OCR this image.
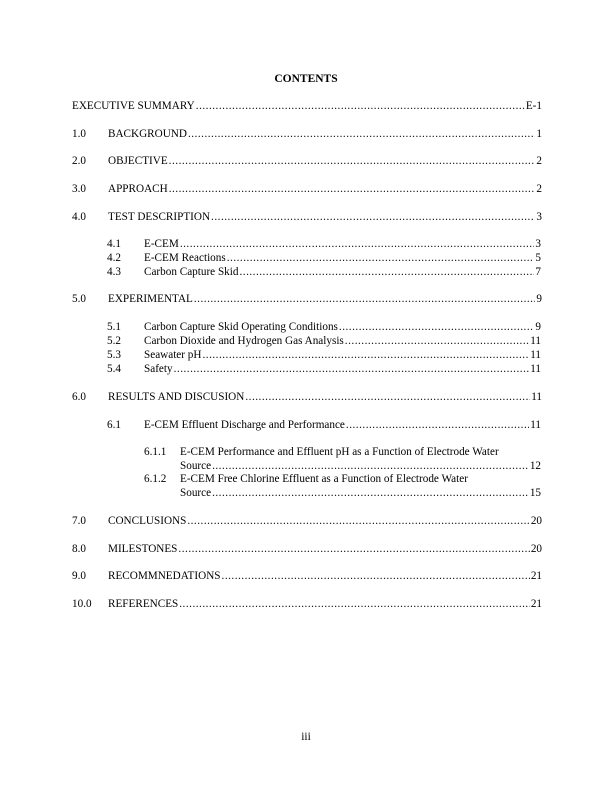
CONTENTS
EXECUTIVE SUMMARY .....	E-1
1.0	BACKGROUND .....	1
2.0	OBJECTIVE .....	2
3.0	APPROACH .....	2
4.0	TEST DESCRIPTION .....	3
4.1	E-CEM .....	3
4.2	E-CEM Reactions .....	5
4.3	Carbon Capture Skid .....	7
5.0	EXPERIMENTAL .....	9
5.1	Carbon Capture Skid Operating Conditions .....	9
5.2	Carbon Dioxide and Hydrogen Gas Analysis .....	11
5.3	Seawater pH .....	11
5.4	Safety .....	11
6.0	RESULTS AND DISCUSION .....	11
6.1	E-CEM Effluent Discharge and Performance .....	11
6.1.1 E-CEM Performance and Effluent pH as a Function of Electrode Water
Source .....	12
6.1.2 E-CEM Free Chlorine Effluent as a Function of Electrode Water
Source .....	15
7.0	CONCLUSIONS .....	20
8.0	MILESTONES .....	20
9.0	RECOMMNEDATIONS .....	21
10.0	REFERENCES .....	21
iii
